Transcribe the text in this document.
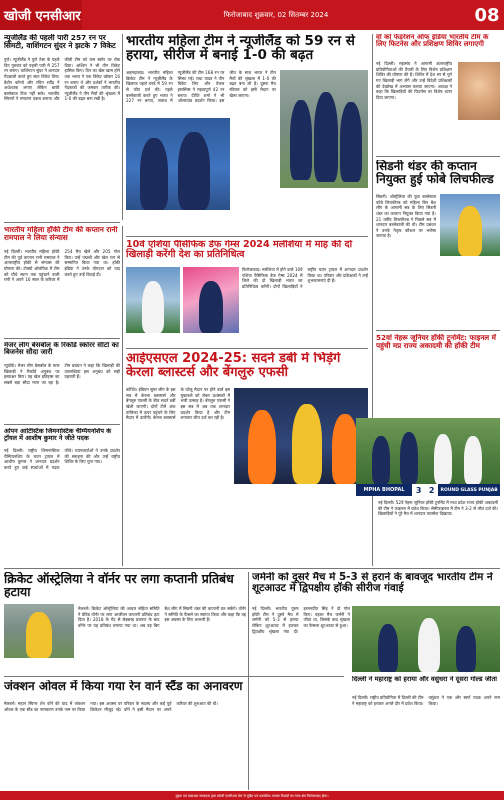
खोजी एनसीआर	फिरोजाबाद शुक्रवार, 02 सितम्बर 2024	08
न्यूजीलैंड की पहली पारी 257 रन पर सिमटी, वाशिंगटन सुंदर ने झटके 7 विकेट
पुणे। न्यूजीलैंड ने पुणे टेस्ट के पहले दिन गुरुवार को पहली पारी में 257 रन बनाए। वाशिंगटन सुंदर ने शानदार गेंदबाजी करते हुए सात विकेट लिए। डेवोन कॉनवे और रचिन रवींद्र ने अर्धशतक लगाए लेकिन बाकी बल्लेबाज टिक नहीं सके। भारतीय स्पिनरों ने लगातार दबाव बनाया और कीवी टीम को कम स्कोर पर रोक दिया। अश्विन ने भी तीन विकेट हासिल किए। दिन का खेल खत्म होने तक भारत ने एक विकेट खोकर 16 रन बनाए थे और दर्शकों ने भारतीय गेंदबाजों की जमकर तारीफ की। न्यूजीलैंड ने तीन मैचों की श्रृंखला में 1-0 की बढ़त बना रखी है।
भारतीय महिला टीम ने न्यूजीलैंड को 59 रन से हराया, सीरीज में बनाई 1-0 की बढ़त
अहमदाबाद। भारतीय महिला क्रिकेट टीम ने न्यूजीलैंड के खिलाफ पहले वनडे में 59 रन से जीत दर्ज की। पहले बल्लेबाजी करते हुए भारत ने 227 रन बनाए, जवाब में न्यूजीलैंड की टीम 168 रन पर सिमट गई। राधा यादव ने तीन विकेट लिए और तेजल हसब्निस ने महत्वपूर्ण 42 रन बनाए। दीप्ति शर्मा ने भी ऑलराउंड प्रदर्शन किया। इस जीत के साथ भारत ने तीन मैचों की श्रृंखला में 1-0 की बढ़त बना ली है। दूसरा मैच रविवार को इसी मैदान पर खेला जाएगा।
वो को फेडरेशन ऑफ इंडिया भारतीय टीम के लिए फिटनेस और प्रशिक्षण शिविर लगाएगी
नई दिल्ली। महासंघ ने आगामी अंतरराष्ट्रीय प्रतियोगिताओं की तैयारी के लिए विशेष प्रशिक्षण शिविर की घोषणा की है। शिविर में देश भर से चुने गए खिलाड़ी भाग लेंगे और उन्हें विदेशी प्रशिक्षकों की देखरेख में अभ्यास कराया जाएगा। अध्यक्ष ने कहा कि खिलाड़ियों की फिटनेस पर विशेष ध्यान दिया जाएगा।
भारतीय महिला हॉकी टीम की कप्तान रानी रामपाल ने लिया संन्यास
नई दिल्ली। भारतीय महिला हॉकी टीम की पूर्व कप्तान रानी रामपाल ने अंतरराष्ट्रीय हॉकी से संन्यास की घोषणा की। टोक्यो ओलंपिक में टीम को चौथे स्थान तक पहुंचाने वाली रानी ने अपने 16 साल के करियर में 254 मैच खेले और 205 गोल किए। उन्हें पद्मश्री और खेल रत्न से सम्मानित किया गया था। हॉकी इंडिया ने उनके योगदान को याद करते हुए उन्हें विदाई दी।
मेजर लीग बेसबॉल के रिकॉर्ड स्कोरर सीटो का बिजनेस सौदा जारी
न्यूयॉर्क। मेजर लीग बेसबॉल के स्टार खिलाड़ी ने रिकॉर्ड अनुबंध पर हस्ताक्षर किए। यह खेल इतिहास का सबसे बड़ा सौदा माना जा रहा है। टीम प्रबंधन ने कहा कि खिलाड़ी की उपलब्धियां इस अनुबंध को सही ठहराती हैं।
ओपन आर्टिस्टिक जिमनास्टिक चैम्पियनशिप के ट्रॉयल में आशीष कुमार ने जीते पदक
नई दिल्ली। राष्ट्रीय जिमनास्टिक चैम्पियनशिप के चयन ट्रायल में आशीष कुमार ने शानदार प्रदर्शन करते हुए कई स्पर्धाओं में पदक जीते। चयनकर्ताओं ने उनके प्रदर्शन की सराहना की और उन्हें राष्ट्रीय शिविर के लिए चुना गया।
10वें एशिया पैसिफिक डेफ गेम्स 2024 मलेशिया में माह की दो खिलाड़ी करेंगी देश का प्रतिनिधित्व
फिरोजाबाद। मलेशिया में होने वाले 10वें एशिया पैसिफिक डेफ गेम्स 2024 में जिले की दो खिलाड़ी भारत का प्रतिनिधित्व करेंगी। दोनों खिलाड़ियों ने राष्ट्रीय चयन ट्रायल में शानदार प्रदर्शन किया था। परिवार और प्रशिक्षकों ने उन्हें शुभकामनाएं दी हैं।
आईएसएल 2024-25: सदर्न डर्बी में भिड़ेंगे केरला ब्लास्टर्स और बेंगलुरु एफसी
कोच्चि। इंडियन सुपर लीग के इस सत्र में केरला ब्लास्टर्स और बेंगलुरु एफसी के बीच सदर्न डर्बी खेली जाएगी। दोनों टीमें अंक तालिका में ऊपर पहुंचने के लिए मैदान में उतरेंगी। केरला ब्लास्टर्स के घरेलू मैदान पर होने वाले इस मुकाबले को लेकर प्रशंसकों में भारी उत्साह है। बेंगलुरु एफसी ने इस सत्र में अब तक शानदार प्रदर्शन किया है और टीम लगातार जीत दर्ज कर रही है।
सिडनी थंडर की कप्तान नियुक्त हुई फोबे लिचफील्ड
सिडनी। ऑस्ट्रेलिया की युवा बल्लेबाज फोबे लिचफील्ड को महिला बिग बैश लीग के आगामी सत्र के लिए सिडनी थंडर का कप्तान नियुक्त किया गया है। 21 वर्षीय लिचफील्ड ने पिछले सत्र में शानदार बल्लेबाजी की थी। टीम प्रबंधन ने उनके नेतृत्व कौशल पर भरोसा जताया है।
52वां नेहरू जूनियर हॉकी टूर्नामेंट: फाइनल में पहुंची मप्र राज्य अकादमी की हॉकी टीम
MPHA BHOPAL	3 2	ROUND GLASS PUNJAB
नई दिल्ली। 52वें नेहरू जूनियर हॉकी टूर्नामेंट में मध्य प्रदेश राज्य हॉकी अकादमी की टीम ने फाइनल में प्रवेश किया। सेमीफाइनल में टीम ने 3-2 से जीत दर्ज की। खिलाड़ियों ने पूरे मैच में शानदार तालमेल दिखाया।
क्रिकेट ऑस्ट्रेलिया ने वॉर्नर पर लगा कप्तानी प्रतिबंध हटाया
मेलबर्न। क्रिकेट ऑस्ट्रेलिया की आचार संहिता समिति ने डेविड वॉर्नर पर लगा आजीवन कप्तानी प्रतिबंध हटा दिया है। 2018 के गेंद से छेड़छाड़ प्रकरण के बाद वॉर्नर पर यह प्रतिबंध लगाया गया था। अब वह बिग बैश लीग में सिडनी थंडर की कप्तानी कर सकेंगे। वॉर्नर ने समिति के फैसले का स्वागत किया और कहा कि वह इस अवसर के लिए आभारी हैं।
जर्मनी को दूसरे मैच में 5-3 से हराने के बावजूद भारतीय टीम ने शूटआउट में द्विपक्षीय हॉकी सीरीज गंवाई
नई दिल्ली। भारतीय पुरुष हॉकी टीम ने दूसरे मैच में जर्मनी को 5-3 से हराया लेकिन शूटआउट में हारकर द्विपक्षीय श्रृंखला गंवा दी। हरमनप्रीत सिंह ने दो गोल किए। पहला मैच जर्मनी ने जीता था, जिसके बाद श्रृंखला का फैसला शूटआउट से हुआ।
जंक्शन ओवल में किया गया रेन वार्न स्टैंड का अनावरण
मेलबर्न। महान स्पिनर शेन वॉर्न की याद में जंक्शन ओवल के एक स्टैंड का नामकरण उनके नाम पर किया गया। इस अवसर पर परिवार के सदस्य और कई पूर्व क्रिकेटर मौजूद रहे। वॉर्न ने इसी मैदान पर अपने करियर की शुरुआत की थी।
दिल्ली ने महाराष्ट्र को हराया और वसुंधरा ने दूसरा गोल्ड जीता
नई दिल्ली। राष्ट्रीय प्रतियोगिता में दिल्ली की टीम ने महाराष्ट्र को हराकर अगले दौर में प्रवेश किया। वसुंधरा ने एक और स्वर्ण पदक अपने नाम किया।
मुद्रक एवं प्रकाशक सम्पादक द्वारा खोजी एनसीआर प्रेस से मुद्रित एवं प्रकाशित। समस्त विवादों का न्याय क्षेत्र फिरोजाबाद होगा।
